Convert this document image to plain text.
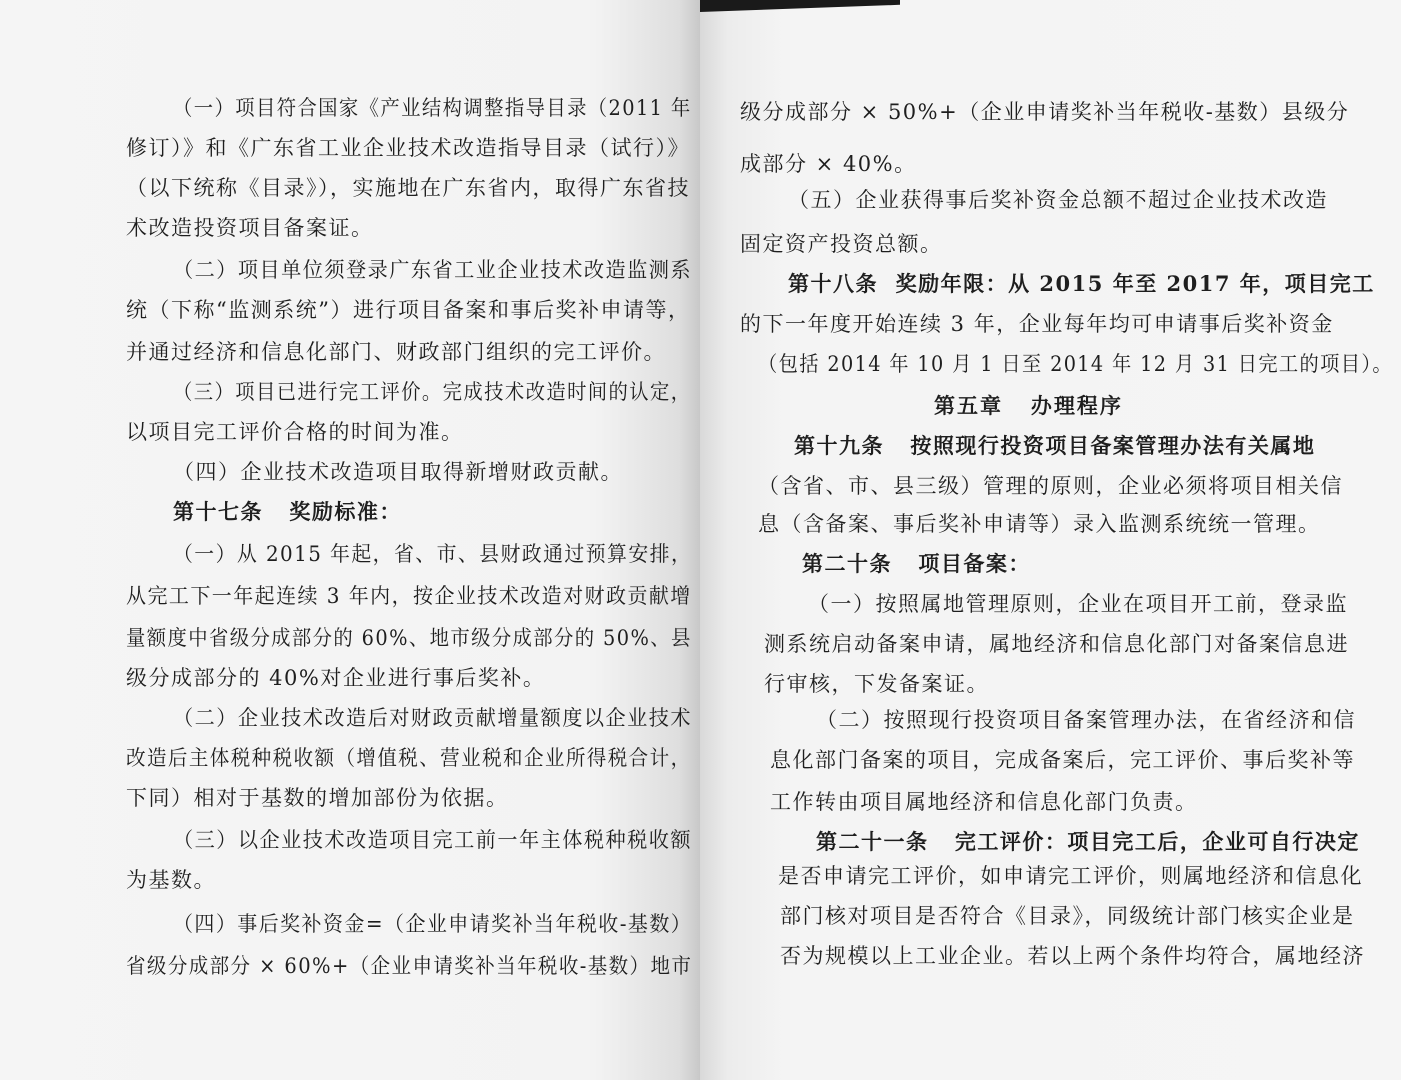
（一）项目符合国家《产业结构调整指导目录（2011 年
修订）》和《广东省工业企业技术改造指导目录（试行）》
（以下统称《目录》），实施地在广东省内，取得广东省技
术改造投资项目备案证。
（二）项目单位须登录广东省工业企业技术改造监测系
统（下称“监测系统”）进行项目备案和事后奖补申请等，
并通过经济和信息化部门、财政部门组织的完工评价。
（三）项目已进行完工评价。完成技术改造时间的认定，
以项目完工评价合格的时间为准。
（四）企业技术改造项目取得新增财政贡献。
第十七条   奖励标准：
（一）从 2015 年起，省、市、县财政通过预算安排，
从完工下一年起连续 3 年内，按企业技术改造对财政贡献增
量额度中省级分成部分的 60%、地市级分成部分的 50%、县
级分成部分的 40%对企业进行事后奖补。
（二）企业技术改造后对财政贡献增量额度以企业技术
改造后主体税种税收额（增值税、营业税和企业所得税合计，
下同）相对于基数的增加部份为依据。
（三）以企业技术改造项目完工前一年主体税种税收额
为基数。
（四）事后奖补资金=（企业申请奖补当年税收-基数）
省级分成部分 × 60%+（企业申请奖补当年税收-基数）地市
级分成部分 × 50%+（企业申请奖补当年税收-基数）县级分
成部分 × 40%。
（五）企业获得事后奖补资金总额不超过企业技术改造
固定资产投资总额。
第十八条  奖励年限：从 2015 年至 2017 年，项目完工
的下一年度开始连续 3 年，企业每年均可申请事后奖补资金
（包括 2014 年 10 月 1 日至 2014 年 12 月 31 日完工的项目）。
第五章   办理程序
第十九条   按照现行投资项目备案管理办法有关属地
（含省、市、县三级）管理的原则，企业必须将项目相关信
息（含备案、事后奖补申请等）录入监测系统统一管理。
第二十条   项目备案：
（一）按照属地管理原则，企业在项目开工前，登录监
测系统启动备案申请，属地经济和信息化部门对备案信息进
行审核，下发备案证。
（二）按照现行投资项目备案管理办法，在省经济和信
息化部门备案的项目，完成备案后，完工评价、事后奖补等
工作转由项目属地经济和信息化部门负责。
第二十一条   完工评价：项目完工后，企业可自行决定
是否申请完工评价，如申请完工评价，则属地经济和信息化
部门核对项目是否符合《目录》，同级统计部门核实企业是
否为规模以上工业企业。若以上两个条件均符合，属地经济
